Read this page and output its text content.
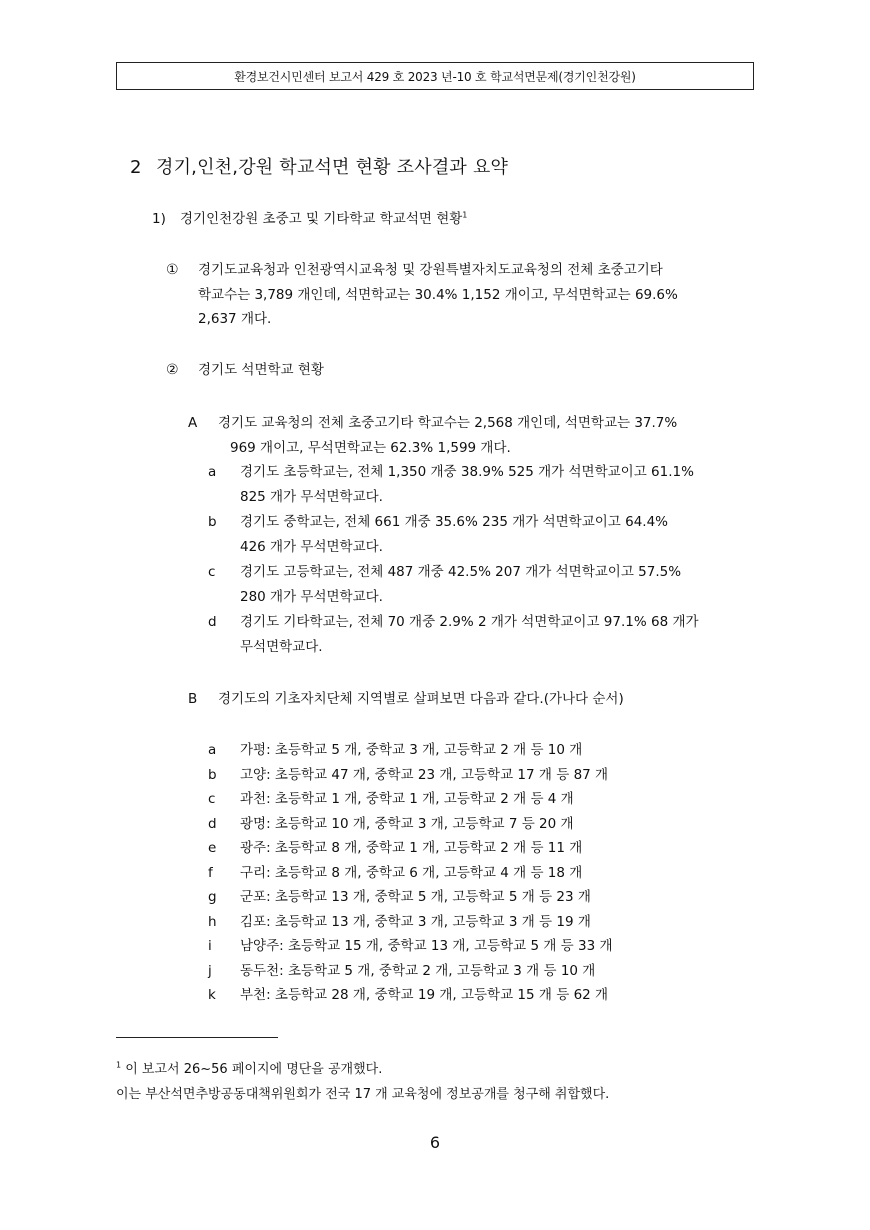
환경보건시민센터 보고서 429 호 2023 년-10 호 학교석면문제(경기인천강원)
2 경기,인천,강원 학교석면 현황 조사결과 요약
1) 경기인천강원 초중고 및 기타학교 학교석면 현황$^1$
① 경기도교육청과 인천광역시교육청 및 강원특별자치도교육청의 전체 초중고기타
학교수는 3,789 개인데, 석면학교는 30.4% 1,152 개이고, 무석면학교는 69.6%
2,637 개다.
② 경기도 석면학교 현황
A 경기도 교육청의 전체 초중고기타 학교수는 2,568 개인데, 석면학교는 37.7%
969 개이고, 무석면학교는 62.3% 1,599 개다.
a 경기도 초등학교는, 전체 1,350 개중 38.9% 525 개가 석면학교이고 61.1%
825 개가 무석면학교다.
b 경기도 중학교는, 전체 661 개중 35.6% 235 개가 석면학교이고 64.4%
426 개가 무석면학교다.
c 경기도 고등학교는, 전체 487 개중 42.5% 207 개가 석면학교이고 57.5%
280 개가 무석면학교다.
d 경기도 기타학교는, 전체 70 개중 2.9% 2 개가 석면학교이고 97.1% 68 개가
무석면학교다.
B 경기도의 기초자치단체 지역별로 살펴보면 다음과 같다.(가나다 순서)
a 가평: 초등학교 5 개, 중학교 3 개, 고등학교 2 개 등 10 개
b 고양: 초등학교 47 개, 중학교 23 개, 고등학교 17 개 등 87 개
c 과천: 초등학교 1 개, 중학교 1 개, 고등학교 2 개 등 4 개
d 광명: 초등학교 10 개, 중학교 3 개, 고등학교 7 등 20 개
e 광주: 초등학교 8 개, 중학교 1 개, 고등학교 2 개 등 11 개
f 구리: 초등학교 8 개, 중학교 6 개, 고등학교 4 개 등 18 개
g 군포: 초등학교 13 개, 중학교 5 개, 고등학교 5 개 등 23 개
h 김포: 초등학교 13 개, 중학교 3 개, 고등학교 3 개 등 19 개
i 남양주: 초등학교 15 개, 중학교 13 개, 고등학교 5 개 등 33 개
j 동두천: 초등학교 5 개, 중학교 2 개, 고등학교 3 개 등 10 개
k 부천: 초등학교 28 개, 중학교 19 개, 고등학교 15 개 등 62 개
$^1$ 이 보고서 26~56 페이지에 명단을 공개했다.
이는 부산석면추방공동대책위원회가 전국 17 개 교육청에 정보공개를 청구해 취합했다.
6
